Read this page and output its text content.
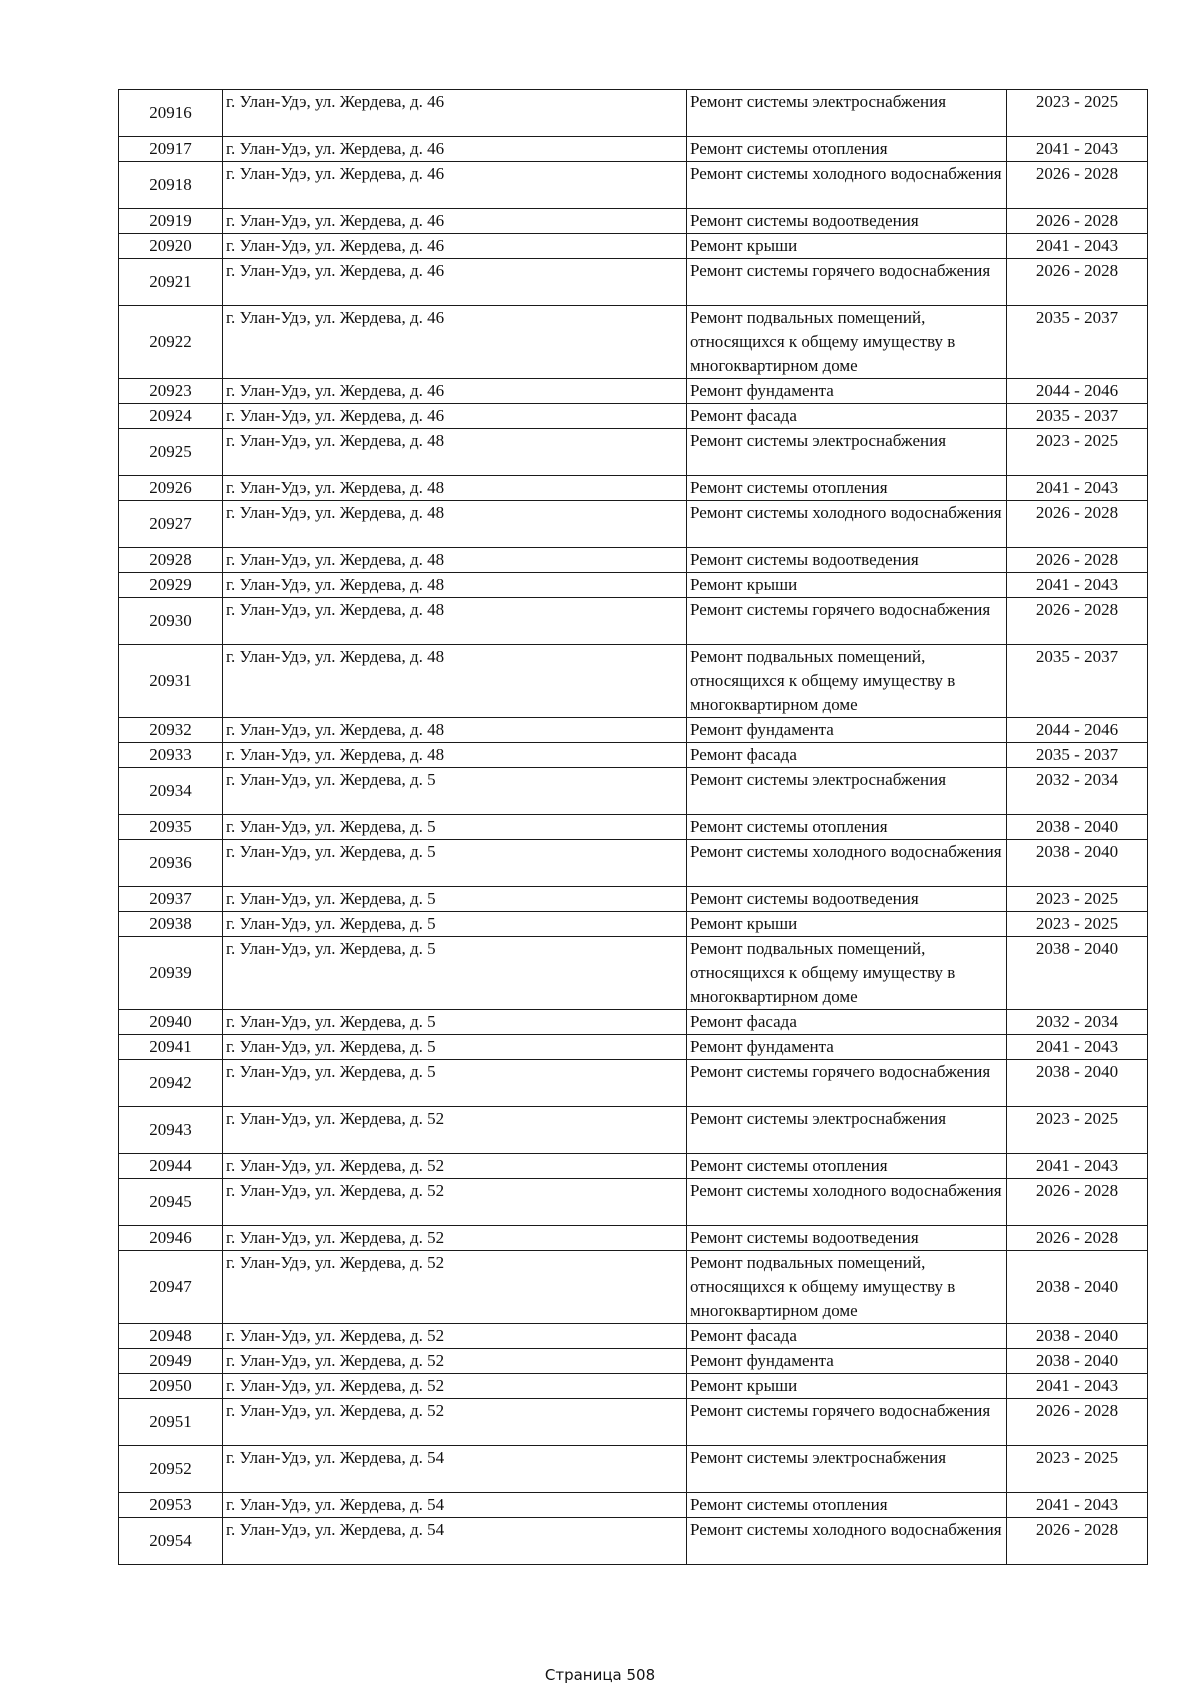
20916	г. Улан-Удэ, ул. Жердева, д. 46	Ремонт системы электроснабжения	2023 - 2025
20917	г. Улан-Удэ, ул. Жердева, д. 46	Ремонт системы отопления	2041 - 2043
20918	г. Улан-Удэ, ул. Жердева, д. 46	Ремонт системы холодного водоснабжения	2026 - 2028
20919	г. Улан-Удэ, ул. Жердева, д. 46	Ремонт системы водоотведения	2026 - 2028
20920	г. Улан-Удэ, ул. Жердева, д. 46	Ремонт крыши	2041 - 2043
20921	г. Улан-Удэ, ул. Жердева, д. 46	Ремонт системы горячего водоснабжения	2026 - 2028
20922	г. Улан-Удэ, ул. Жердева, д. 46	Ремонт подвальных помещений, относящихся к общему имуществу в многоквартирном доме	2035 - 2037
20923	г. Улан-Удэ, ул. Жердева, д. 46	Ремонт фундамента	2044 - 2046
20924	г. Улан-Удэ, ул. Жердева, д. 46	Ремонт фасада	2035 - 2037
20925	г. Улан-Удэ, ул. Жердева, д. 48	Ремонт системы электроснабжения	2023 - 2025
20926	г. Улан-Удэ, ул. Жердева, д. 48	Ремонт системы отопления	2041 - 2043
20927	г. Улан-Удэ, ул. Жердева, д. 48	Ремонт системы холодного водоснабжения	2026 - 2028
20928	г. Улан-Удэ, ул. Жердева, д. 48	Ремонт системы водоотведения	2026 - 2028
20929	г. Улан-Удэ, ул. Жердева, д. 48	Ремонт крыши	2041 - 2043
20930	г. Улан-Удэ, ул. Жердева, д. 48	Ремонт системы горячего водоснабжения	2026 - 2028
20931	г. Улан-Удэ, ул. Жердева, д. 48	Ремонт подвальных помещений, относящихся к общему имуществу в многоквартирном доме	2035 - 2037
20932	г. Улан-Удэ, ул. Жердева, д. 48	Ремонт фундамента	2044 - 2046
20933	г. Улан-Удэ, ул. Жердева, д. 48	Ремонт фасада	2035 - 2037
20934	г. Улан-Удэ, ул. Жердева, д. 5	Ремонт системы электроснабжения	2032 - 2034
20935	г. Улан-Удэ, ул. Жердева, д. 5	Ремонт системы отопления	2038 - 2040
20936	г. Улан-Удэ, ул. Жердева, д. 5	Ремонт системы холодного водоснабжения	2038 - 2040
20937	г. Улан-Удэ, ул. Жердева, д. 5	Ремонт системы водоотведения	2023 - 2025
20938	г. Улан-Удэ, ул. Жердева, д. 5	Ремонт крыши	2023 - 2025
20939	г. Улан-Удэ, ул. Жердева, д. 5	Ремонт подвальных помещений, относящихся к общему имуществу в многоквартирном доме	2038 - 2040
20940	г. Улан-Удэ, ул. Жердева, д. 5	Ремонт фасада	2032 - 2034
20941	г. Улан-Удэ, ул. Жердева, д. 5	Ремонт фундамента	2041 - 2043
20942	г. Улан-Удэ, ул. Жердева, д. 5	Ремонт системы горячего водоснабжения	2038 - 2040
20943	г. Улан-Удэ, ул. Жердева, д. 52	Ремонт системы электроснабжения	2023 - 2025
20944	г. Улан-Удэ, ул. Жердева, д. 52	Ремонт системы отопления	2041 - 2043
20945	г. Улан-Удэ, ул. Жердева, д. 52	Ремонт системы холодного водоснабжения	2026 - 2028
20946	г. Улан-Удэ, ул. Жердева, д. 52	Ремонт системы водоотведения	2026 - 2028
20947	г. Улан-Удэ, ул. Жердева, д. 52	Ремонт подвальных помещений, относящихся к общему имуществу в многоквартирном доме	2038 - 2040
20948	г. Улан-Удэ, ул. Жердева, д. 52	Ремонт фасада	2038 - 2040
20949	г. Улан-Удэ, ул. Жердева, д. 52	Ремонт фундамента	2038 - 2040
20950	г. Улан-Удэ, ул. Жердева, д. 52	Ремонт крыши	2041 - 2043
20951	г. Улан-Удэ, ул. Жердева, д. 52	Ремонт системы горячего водоснабжения	2026 - 2028
20952	г. Улан-Удэ, ул. Жердева, д. 54	Ремонт системы электроснабжения	2023 - 2025
20953	г. Улан-Удэ, ул. Жердева, д. 54	Ремонт системы отопления	2041 - 2043
20954	г. Улан-Удэ, ул. Жердева, д. 54	Ремонт системы холодного водоснабжения	2026 - 2028
Страница 508
